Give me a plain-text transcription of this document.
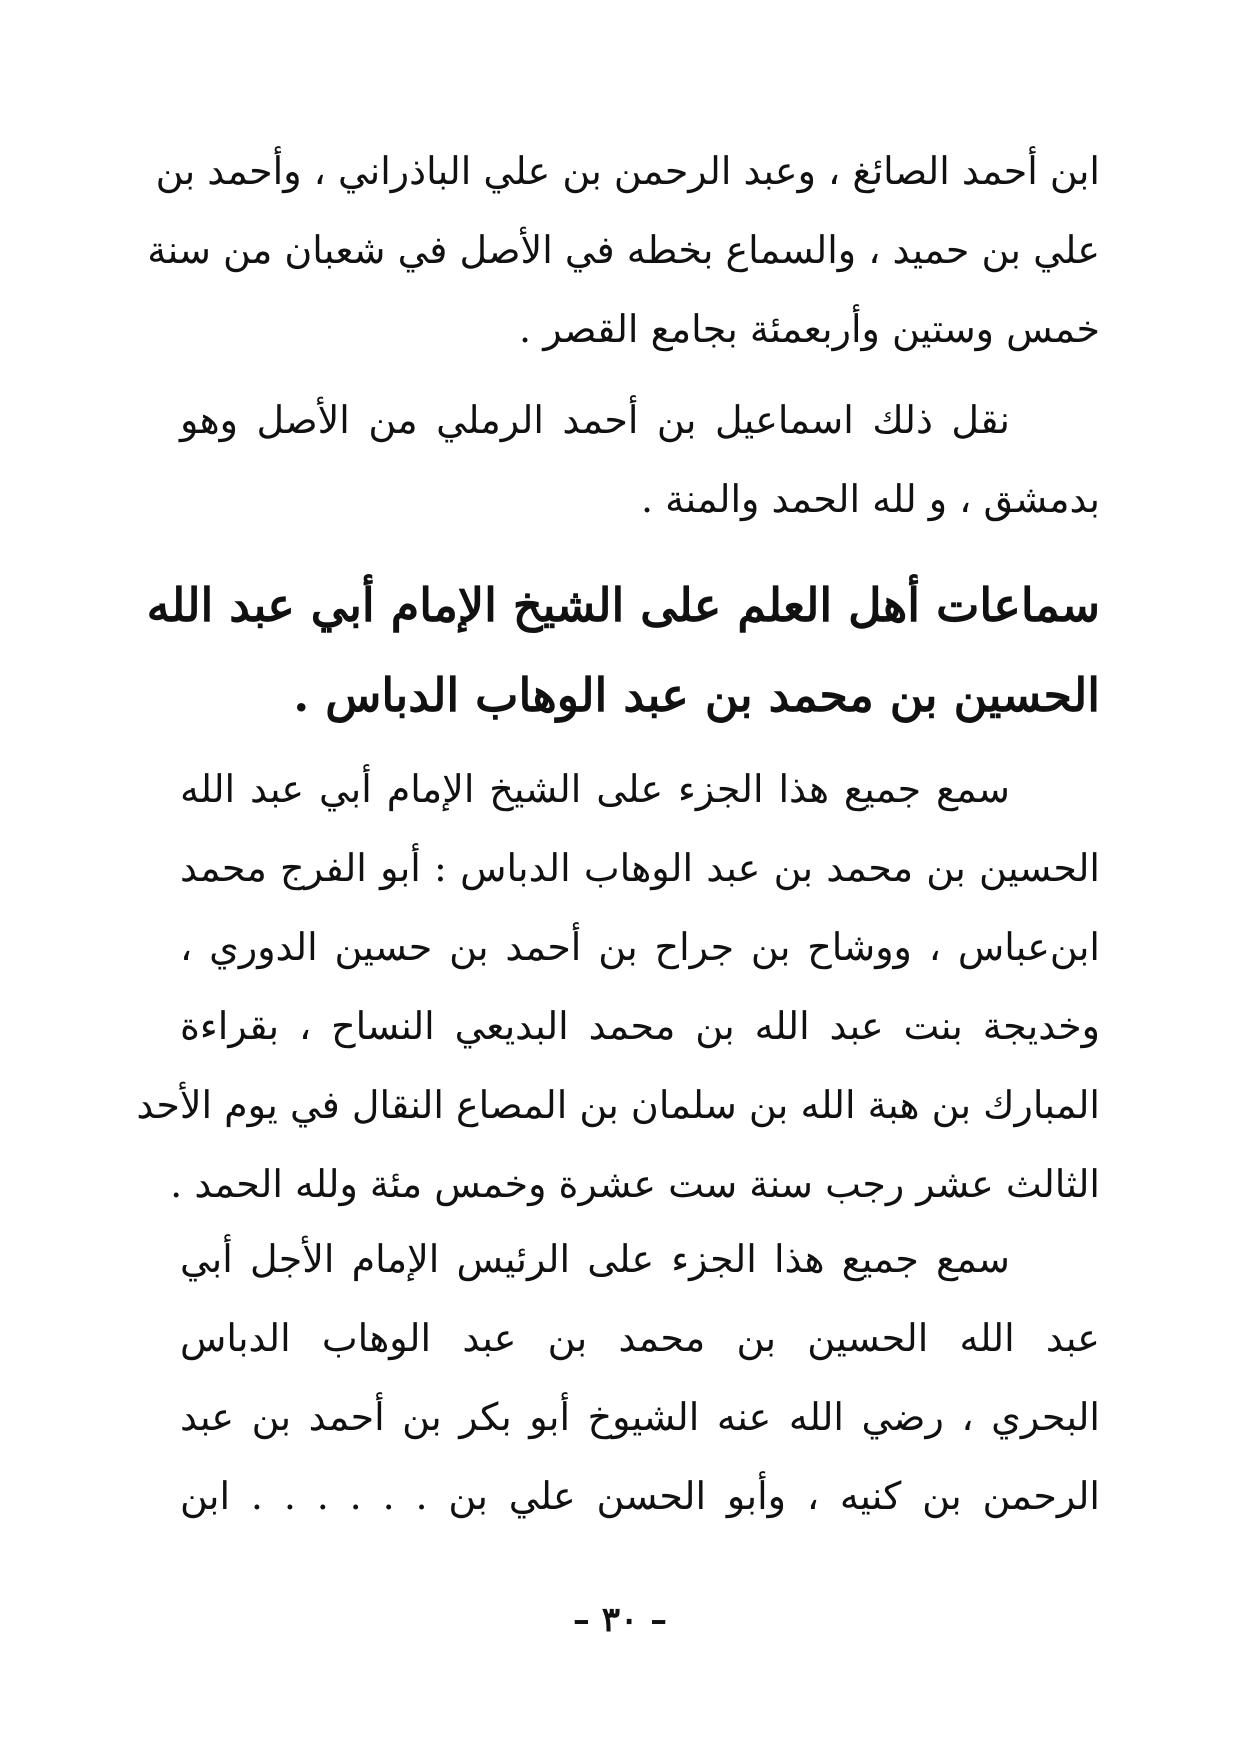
ابن أحمد الصائغ ، وعبد الرحمن بن علي الباذراني ، وأحمد بن
علي بن حميد ، والسماع بخطه في الأصل في شعبان من سنة
خمس وستين وأربعمئة بجامع القصر .
نقل ذلك اسماعيل بن أحمد الرملي من الأصل وهو
بدمشق ، و لله الحمد والمنة .
سماعات أهل العلم على الشيخ الإمام أبي عبد الله
الحسين بن محمد بن عبد الوهاب الدباس .
سمع جميع هذا الجزء على الشيخ الإمام أبي عبد الله
الحسين بن محمد بن عبد الوهاب الدباس : أبو الفرج محمد
ابن‌عباس ، ووشاح بن جراح بن أحمد بن حسين الدوري ،
وخديجة بنت عبد الله بن محمد البديعي النساح ، بقراءة
المبارك بن هبة الله بن سلمان بن المصاع النقال في يوم الأحد
الثالث عشر رجب سنة ست عشرة وخمس مئة ولله الحمد .
سمع جميع هذا الجزء على الرئيس الإمام الأجل أبي
عبد الله الحسين بن محمد بن عبد الوهاب الدباس
البحري ، رضي الله عنه الشيوخ أبو بكر بن أحمد بن عبد
الرحمن بن كنيه ، وأبو الحسن علي بن . . . . . . ابن
– ٣٠ –
